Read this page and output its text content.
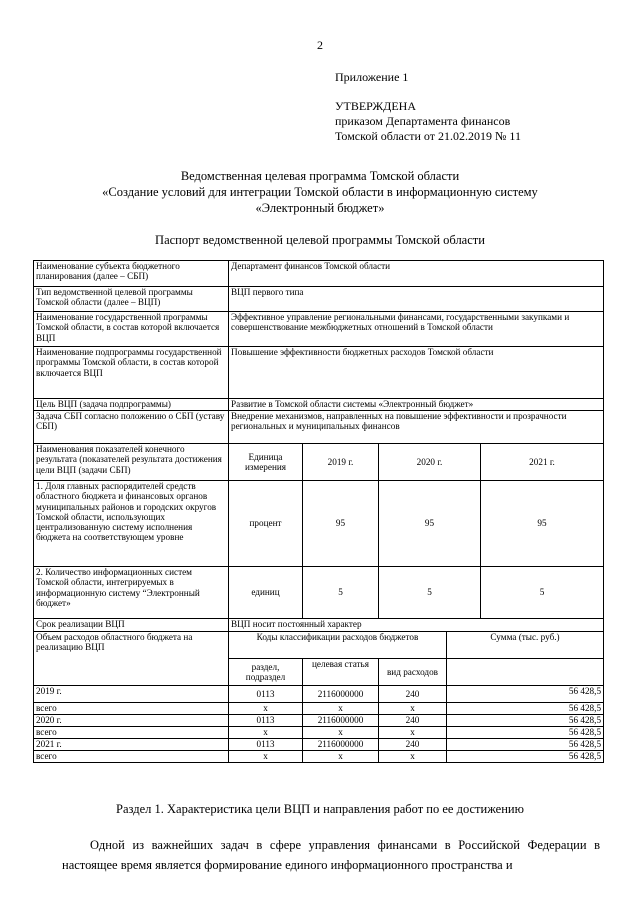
2
Приложение 1
УТВЕРЖДЕНА
приказом Департамента финансов
Томской области от 21.02.2019 № 11
Ведомственная целевая программа Томской области
«Создание условий для интеграции Томской области в информационную систему
«Электронный бюджет»
Паспорт ведомственной целевой программы Томской области
Наименование субъекта бюджетного планирования (далее – СБП)	Департамент финансов Томской области				
Тип ведомственной целевой программы Томской области (далее – ВЦП)	ВЦП первого типа				
Наименование государственной программы Томской области, в состав которой включается ВЦП	Эффективное управление региональными финансами, государственными закупками и совершенствование межбюджетных отношений в Томской области				
Наименование подпрограммы государственной программы Томской области, в состав которой включается ВЦП	Повышение эффективности бюджетных расходов Томской области				
Цель ВЦП (задача подпрограммы)	Развитие в Томской области системы «Электронный бюджет»				
Задача СБП согласно положению о СБП (уставу СБП)	Внедрение механизмов, направленных на повышение эффективности и прозрачности региональных и муниципальных финансов				
Наименования показателей конечного результата (показателей результата достижения цели ВЦП (задачи СБП)	Единица измерения	2019 г.	2020 г.		2021 г.
1. Доля главных распорядителей средств областного бюджета и финансовых органов муниципальных районов и городских округов Томской области, использующих централизованную систему исполнения бюджета на соответствующем уровне	процент	95	95		95
2. Количество информационных систем Томской области, интегрируемых в информационную систему “Электронный бюджет»	единиц	5	5		5
Срок реализации ВЦП	ВЦП носит постоянный характер				
Объем расходов областного бюджета на реализацию ВЦП	Коды классификации расходов бюджетов			Сумма (тыс. руб.)	
	раздел, подраздел	целевая статья	вид расходов		
2019 г.	0113	2116000000	240	56 428,5	
всего	х	х	х	56 428,5	
2020 г.	0113	2116000000	240	56 428,5	
всего	х	х	х	56 428,5	
2021 г.	0113	2116000000	240	56 428,5	
всего	х	х	х	56 428,5	
Раздел 1. Характеристика цели ВЦП и направления работ по ее достижению
Одной из важнейших задач в сфере управления финансами в Российской Федерации в настоящее время является формирование единого информационного пространства и
